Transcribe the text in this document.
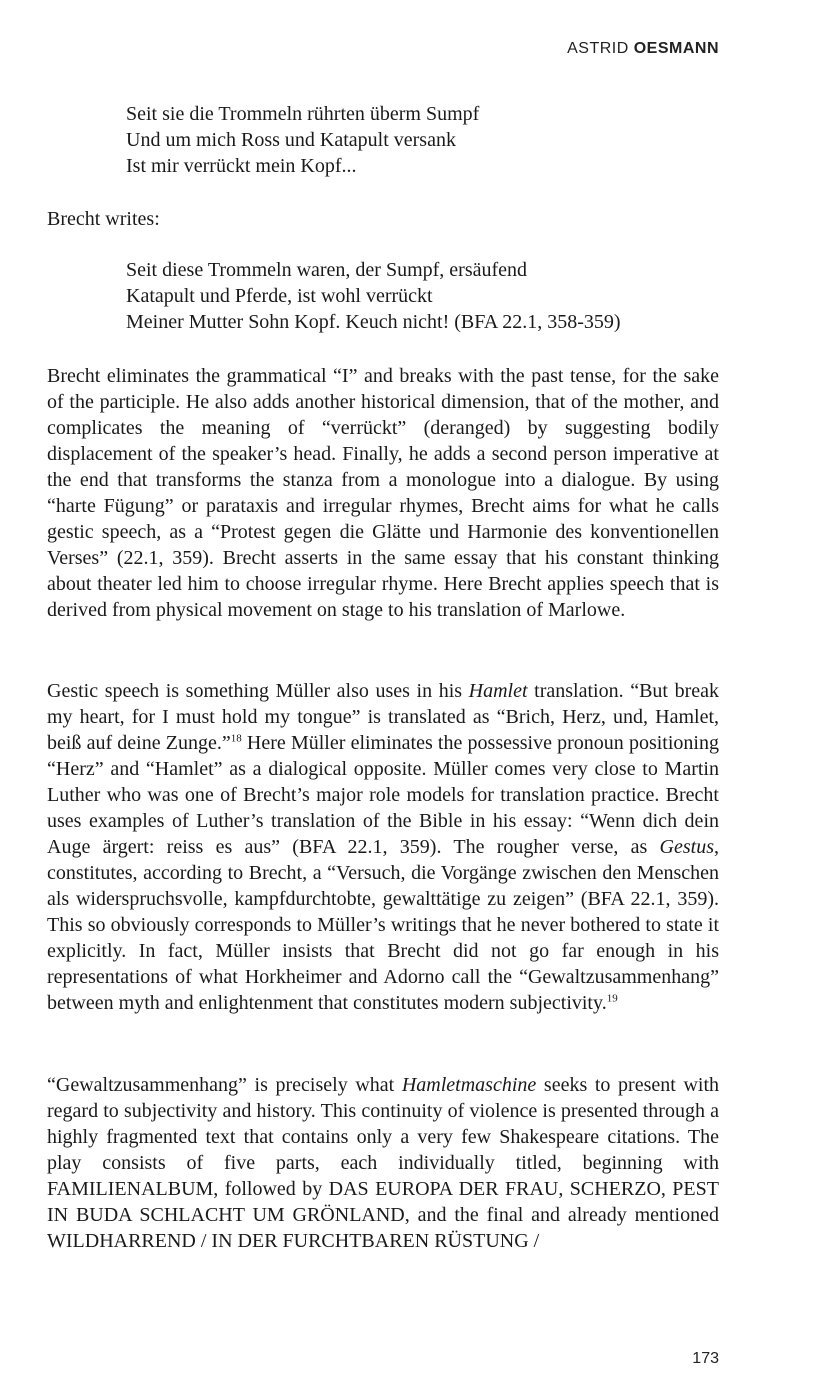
ASTRID OESMANN
Seit sie die Trommeln rührten überm Sumpf
Und um mich Ross und Katapult versank
Ist mir verrückt mein Kopf...
Brecht writes:
Seit diese Trommeln waren, der Sumpf, ersäufend
Katapult und Pferde, ist wohl verrückt
Meiner Mutter Sohn Kopf. Keuch nicht! (BFA 22.1, 358-359)
Brecht eliminates the grammatical “I” and breaks with the past tense, for the sake of the participle. He also adds another historical dimension, that of the mother, and complicates the meaning of “verrückt” (deranged) by suggesting bodily displacement of the speaker’s head. Finally, he adds a second person imperative at the end that transforms the stanza from a monologue into a dialogue. By using “harte Fügung” or parataxis and irregular rhymes, Brecht aims for what he calls gestic speech, as a “Protest gegen die Glätte und Harmonie des konventionellen Verses” (22.1, 359). Brecht asserts in the same essay that his constant thinking about theater led him to choose irregular rhyme. Here Brecht applies speech that is derived from physical movement on stage to his translation of Marlowe.
Gestic speech is something Müller also uses in his Hamlet translation. “But break my heart, for I must hold my tongue” is translated as “Brich, Herz, und, Hamlet, beiß auf deine Zunge.”$^{18}$ Here Müller eliminates the possessive pronoun positioning “Herz” and “Hamlet” as a dialogical opposite. Müller comes very close to Martin Luther who was one of Brecht’s major role models for translation practice. Brecht uses examples of Luther’s translation of the Bible in his essay: “Wenn dich dein Auge ärgert: reiss es aus” (BFA 22.1, 359). The rougher verse, as Gestus, constitutes, according to Brecht, a “Versuch, die Vorgänge zwischen den Menschen als widerspruchsvolle, kampfdurchtobte, gewalttätige zu zeigen” (BFA 22.1, 359). This so obviously corresponds to Müller’s writings that he never bothered to state it explicitly. In fact, Müller insists that Brecht did not go far enough in his representations of what Horkheimer and Adorno call the “Gewaltzusammenhang” between myth and enlightenment that constitutes modern subjectivity.$^{19}$
“Gewaltzusammenhang” is precisely what Hamletmaschine seeks to present with regard to subjectivity and history. This continuity of violence is presented through a highly fragmented text that contains only a very few Shakespeare citations. The play consists of five parts, each individually titled, beginning with FAMILIENALBUM, followed by DAS EUROPA DER FRAU, SCHERZO, PEST IN BUDA SCHLACHT UM GRÖNLAND, and the final and already mentioned WILDHARREND / IN DER FURCHTBAREN RÜSTUNG /
173
